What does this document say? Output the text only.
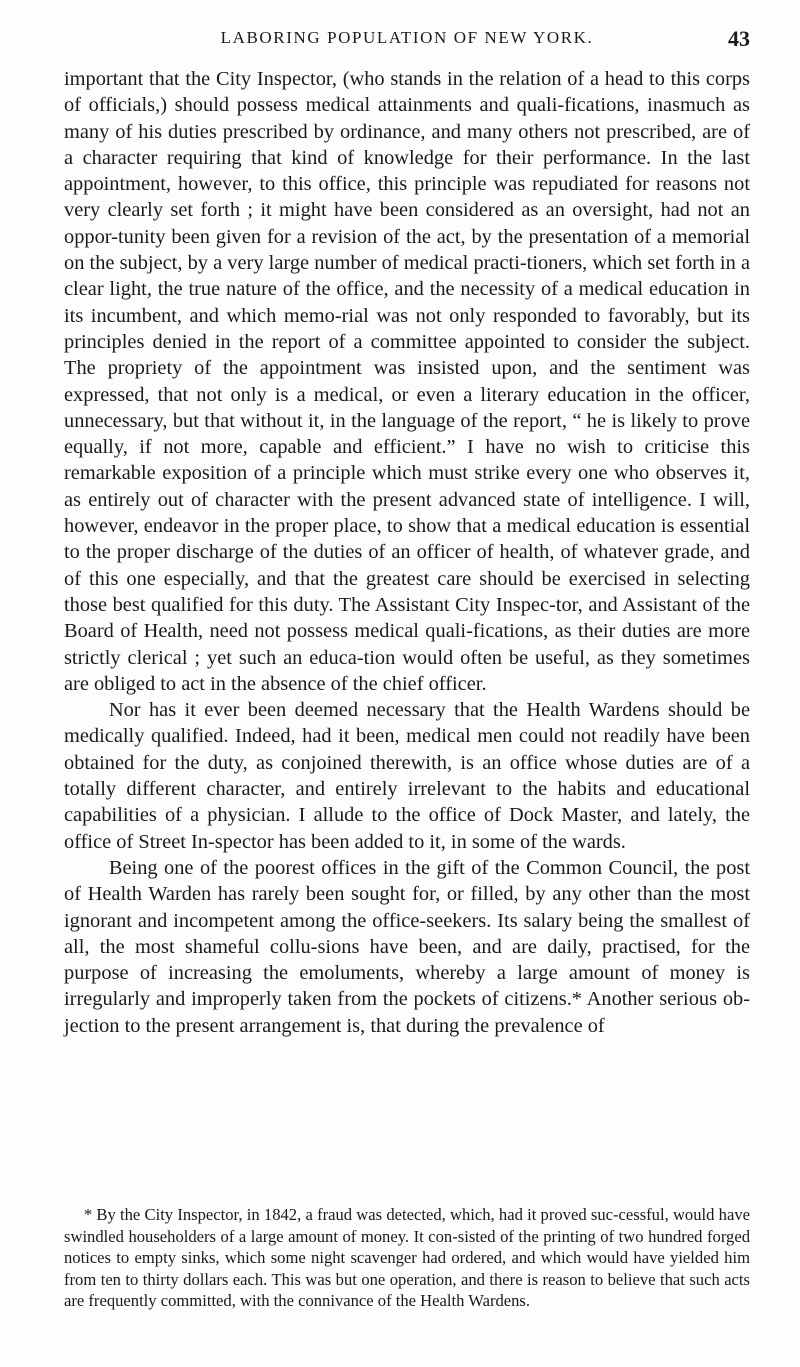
LABORING POPULATION OF NEW YORK.	43

important that the City Inspector, (who stands in the relation of a head to this corps of officials,) should possess medical attainments and quali-fications, inasmuch as many of his duties prescribed by ordinance, and many others not prescribed, are of a character requiring that kind of knowledge for their performance. In the last appointment, however, to this office, this principle was repudiated for reasons not very clearly set forth ; it might have been considered as an oversight, had not an oppor-tunity been given for a revision of the act, by the presentation of a memorial on the subject, by a very large number of medical practi-tioners, which set forth in a clear light, the true nature of the office, and the necessity of a medical education in its incumbent, and which memo-rial was not only responded to favorably, but its principles denied in the report of a committee appointed to consider the subject. The propriety of the appointment was insisted upon, and the sentiment was expressed, that not only is a medical, or even a literary education in the officer, unnecessary, but that without it, in the language of the report, “ he is likely to prove equally, if not more, capable and efficient.” I have no wish to criticise this remarkable exposition of a principle which must strike every one who observes it, as entirely out of character with the present advanced state of intelligence. I will, however, endeavor in the proper place, to show that a medical education is essential to the proper discharge of the duties of an officer of health, of whatever grade, and of this one especially, and that the greatest care should be exercised in selecting those best qualified for this duty. The Assistant City Inspec-tor, and Assistant of the Board of Health, need not possess medical quali-fications, as their duties are more strictly clerical ; yet such an educa-tion would often be useful, as they sometimes are obliged to act in the absence of the chief officer.

Nor has it ever been deemed necessary that the Health Wardens should be medically qualified. Indeed, had it been, medical men could not readily have been obtained for the duty, as conjoined therewith, is an office whose duties are of a totally different character, and entirely irrelevant to the habits and educational capabilities of a physician. I allude to the office of Dock Master, and lately, the office of Street In-spector has been added to it, in some of the wards.

Being one of the poorest offices in the gift of the Common Council, the post of Health Warden has rarely been sought for, or filled, by any other than the most ignorant and incompetent among the office-seekers. Its salary being the smallest of all, the most shameful collu-sions have been, and are daily, practised, for the purpose of increasing the emoluments, whereby a large amount of money is irregularly and improperly taken from the pockets of citizens.* Another serious ob-jection to the present arrangement is, that during the prevalence of

* By the City Inspector, in 1842, a fraud was detected, which, had it proved suc-cessful, would have swindled householders of a large amount of money. It con-sisted of the printing of two hundred forged notices to empty sinks, which some night scavenger had ordered, and which would have yielded him from ten to thirty dollars each. This was but one operation, and there is reason to believe that such acts are frequently committed, with the connivance of the Health Wardens.
